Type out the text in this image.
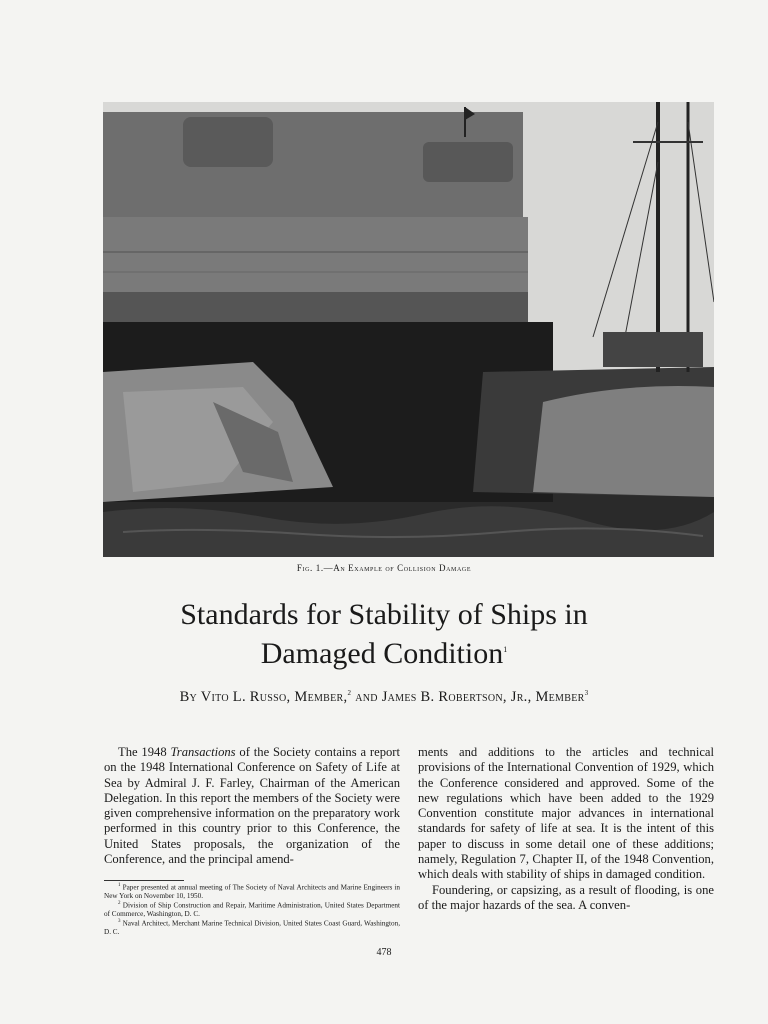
Fig. 1.—An Example of Collision Damage
Standards for Stability of Ships in
Damaged Condition$^1$
By Vito L. Russo, Member,$^2$ and James B. Robertson, Jr., Member$^3$

The 1948 Transactions of the Society contains a report on the 1948 International Conference on Safety of Life at Sea by Admiral J. F. Farley, Chairman of the American Delegation. In this report the members of the Society were given comprehensive information on the preparatory work performed in this country prior to this Conference, the United States proposals, the organization of the Conference, and the principal amend-

$^1$ Paper presented at annual meeting of The Society of Naval Architects and Marine Engineers in New York on November 10, 1950.

$^2$ Division of Ship Construction and Repair, Maritime Administration, United States Department of Commerce, Washington, D. C.

$^3$ Naval Architect, Merchant Marine Technical Division, United States Coast Guard, Washington, D. C.

ments and additions to the articles and technical provisions of the International Convention of 1929, which the Conference considered and approved. Some of the new regulations which have been added to the 1929 Convention constitute major advances in international standards for safety of life at sea. It is the intent of this paper to discuss in some detail one of these additions; namely, Regulation 7, Chapter II, of the 1948 Convention, which deals with stability of ships in damaged condition.

Foundering, or capsizing, as a result of flooding, is one of the major hazards of the sea. A conven-

478
